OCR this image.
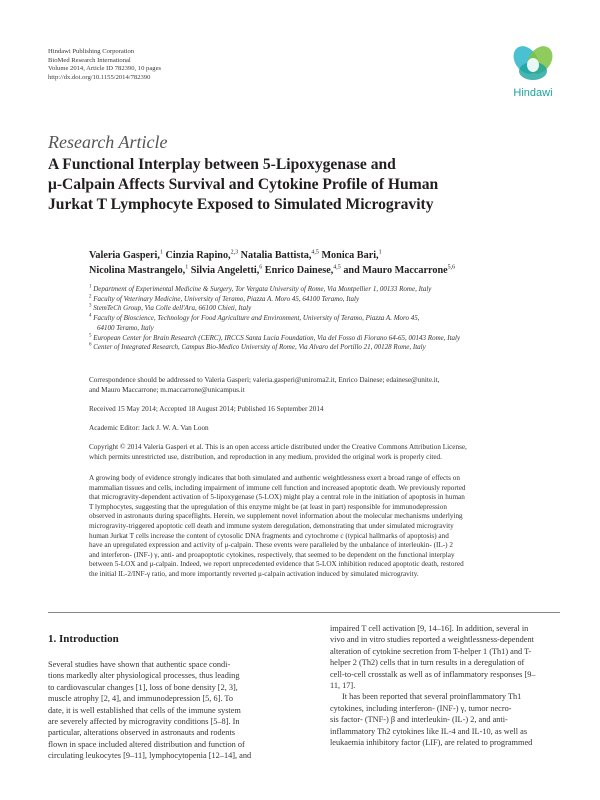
Hindawi Publishing Corporation
BioMed Research International
Volume 2014, Article ID 782390, 10 pages
http://dx.doi.org/10.1155/2014/782390
Hindawi
Research Article
A Functional Interplay between 5-Lipoxygenase and
μ-Calpain Affects Survival and Cytokine Profile of Human
Jurkat T Lymphocyte Exposed to Simulated Microgravity
Valeria Gasperi,$^1$ Cinzia Rapino,$^{2,3}$ Natalia Battista,$^{4,5}$ Monica Bari,$^1$
Nicolina Mastrangelo,$^1$ Silvia Angeletti,$^6$ Enrico Dainese,$^{4,5}$ and Mauro Maccarrone$^{5,6}$
$^1$ Department of Experimental Medicine & Surgery, Tor Vergata University of Rome, Via Montpellier 1, 00133 Rome, Italy
$^2$ Faculty of Veterinary Medicine, University of Teramo, Piazza A. Moro 45, 64100 Teramo, Italy
$^3$ StemTeCh Group, Via Colle dell'Ara, 66100 Chieti, Italy
$^4$ Faculty of Bioscience, Technology for Food Agriculture and Environment, University of Teramo, Piazza A. Moro 45,
64100 Teramo, Italy
$^5$ European Center for Brain Research (CERC), IRCCS Santa Lucia Foundation, Via del Fosso di Fiorano 64-65, 00143 Rome, Italy
$^6$ Center of Integrated Research, Campus Bio-Medico University of Rome, Via Alvaro del Portillo 21, 00128 Rome, Italy
Correspondence should be addressed to Valeria Gasperi; valeria.gasperi@uniroma2.it, Enrico Dainese; edainese@unite.it,
and Mauro Maccarrone; m.maccarrone@unicampus.it
Received 15 May 2014; Accepted 18 August 2014; Published 16 September 2014
Academic Editor: Jack J. W. A. Van Loon
Copyright © 2014 Valeria Gasperi et al. This is an open access article distributed under the Creative Commons Attribution License,
which permits unrestricted use, distribution, and reproduction in any medium, provided the original work is properly cited.
A growing body of evidence strongly indicates that both simulated and authentic weightlessness exert a broad range of effects on
mammalian tissues and cells, including impairment of immune cell function and increased apoptotic death. We previously reported
that microgravity-dependent activation of 5-lipoxygenase (5-LOX) might play a central role in the initiation of apoptosis in human
T lymphocytes, suggesting that the upregulation of this enzyme might be (at least in part) responsible for immunodepression
observed in astronauts during spaceflights. Herein, we supplement novel information about the molecular mechanisms underlying
microgravity-triggered apoptotic cell death and immune system deregulation, demonstrating that under simulated microgravity
human Jurkat T cells increase the content of cytosolic DNA fragments and cytochrome c (typical hallmarks of apoptosis) and
have an upregulated expression and activity of μ-calpain. These events were paralleled by the unbalance of interleukin- (IL-) 2
and interferon- (INF-) γ, anti- and proapoptotic cytokines, respectively, that seemed to be dependent on the functional interplay
between 5-LOX and μ-calpain. Indeed, we report unprecedented evidence that 5-LOX inhibition reduced apoptotic death, restored
the initial IL-2/INF-γ ratio, and more importantly reverted μ-calpain activation induced by simulated microgravity.
1. Introduction
Several studies have shown that authentic space condi-
tions markedly alter physiological processes, thus leading
to cardiovascular changes [1], loss of bone density [2, 3],
muscle atrophy [2, 4], and immunodepression [5, 6]. To
date, it is well established that cells of the immune system
are severely affected by microgravity conditions [5–8]. In
particular, alterations observed in astronauts and rodents
flown in space included altered distribution and function of
circulating leukocytes [9–11], lymphocytopenia [12–14], and
impaired T cell activation [9, 14–16]. In addition, several in
vivo and in vitro studies reported a weightlessness-dependent
alteration of cytokine secretion from T-helper 1 (Th1) and T-
helper 2 (Th2) cells that in turn results in a deregulation of
cell-to-cell crosstalk as well as of inflammatory responses [9–
11, 17].
It has been reported that several proinflammatory Th1
cytokines, including interferon- (INF-) γ, tumor necro-
sis factor- (TNF-) β and interleukin- (IL-) 2, and anti-
inflammatory Th2 cytokines like IL-4 and IL-10, as well as
leukaemia inhibitory factor (LIF), are related to programmed
